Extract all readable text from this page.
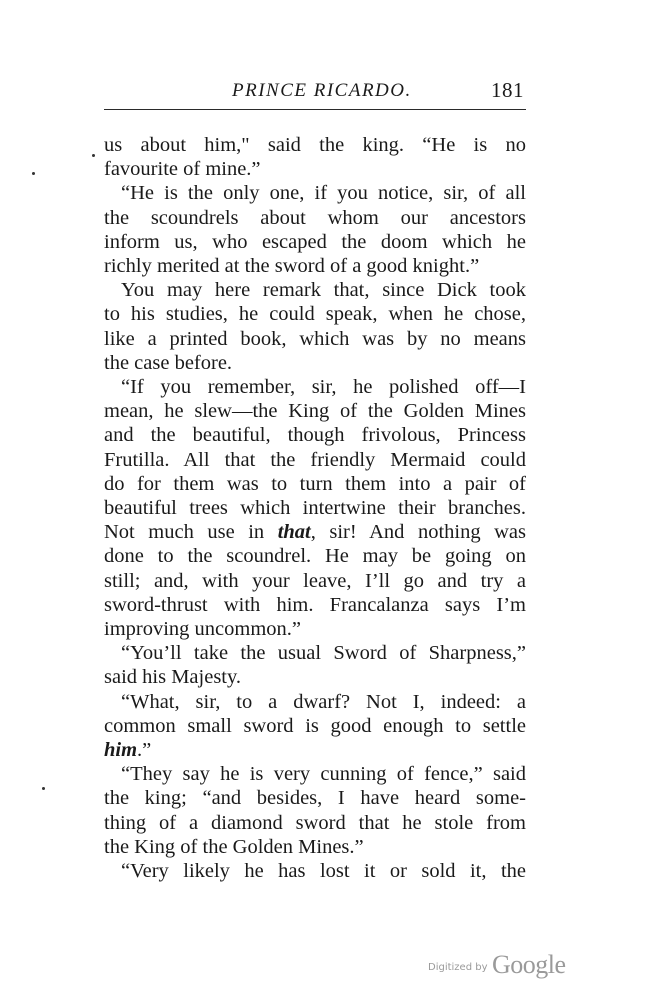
PRINCE RICARDO.	181

us about him," said the king. “He is no

favourite of mine.”

“He is the only one, if you notice, sir, of all

the scoundrels about whom our ancestors

inform us, who escaped the doom which he

richly merited at the sword of a good knight.”

You may here remark that, since Dick took

to his studies, he could speak, when he chose,

like a printed book, which was by no means

the case before.

“If you remember, sir, he polished off—I

mean, he slew—the King of the Golden Mines

and the beautiful, though frivolous, Princess

Frutilla. All that the friendly Mermaid could

do for them was to turn them into a pair of

beautiful trees which intertwine their branches.

Not much use in that, sir! And nothing was

done to the scoundrel. He may be going on

still; and, with your leave, I’ll go and try a

sword-thrust with him. Francalanza says I’m

improving uncommon.”

“You’ll take the usual Sword of Sharpness,”

said his Majesty.

“What, sir, to a dwarf? Not I, indeed: a

common small sword is good enough to settle

him.”

“They say he is very cunning of fence,” said

the king; “and besides, I have heard some-

thing of a diamond sword that he stole from

the King of the Golden Mines.”

“Very likely he has lost it or sold it, the

Digitized by Google
